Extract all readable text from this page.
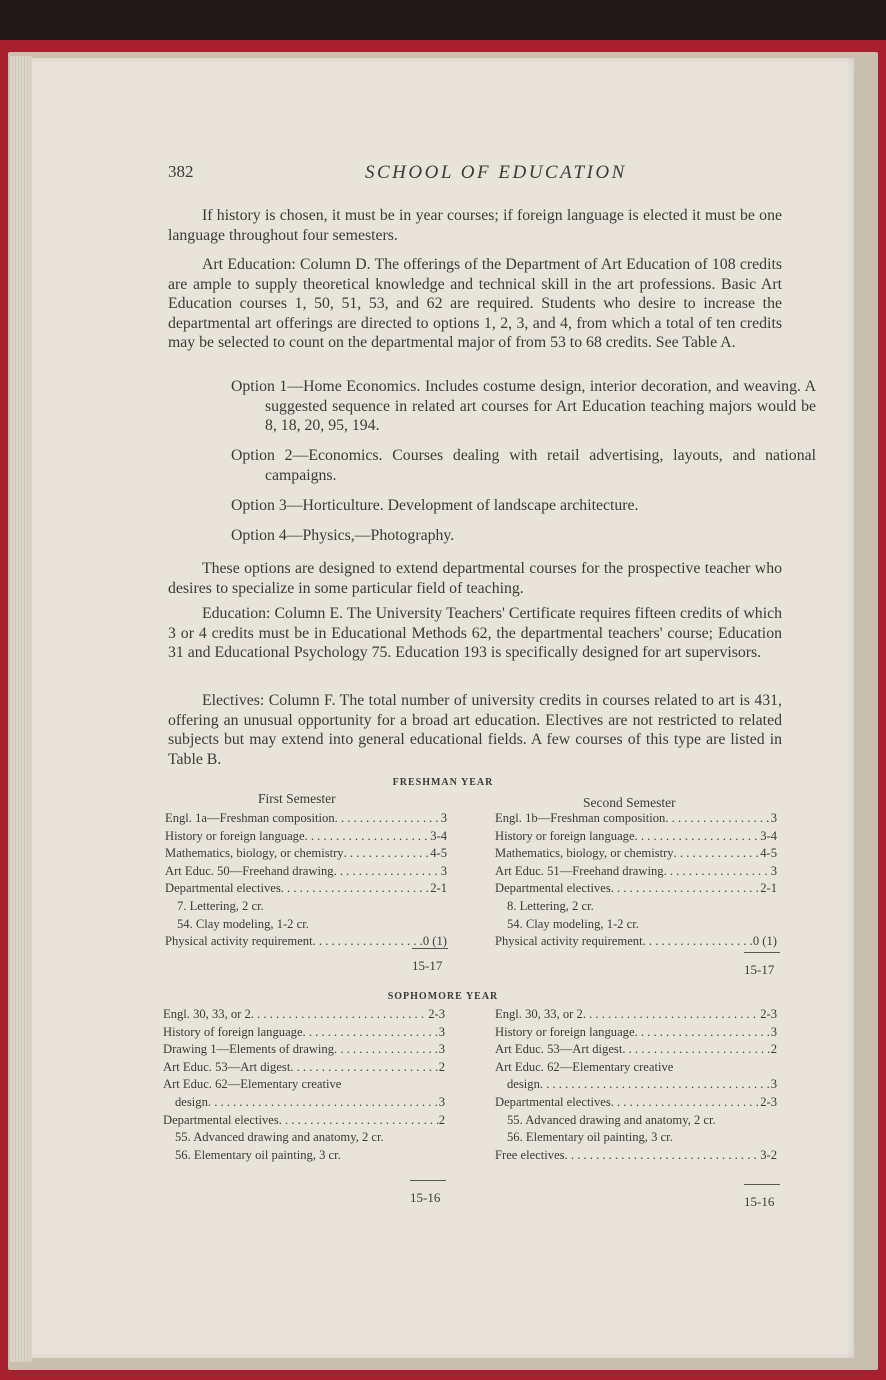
382	SCHOOL OF EDUCATION
If history is chosen, it must be in year courses; if foreign language is elected it must be one language throughout four semesters.
Art Education: Column D. The offerings of the Department of Art Education of 108 credits are ample to supply theoretical knowledge and technical skill in the art professions. Basic Art Education courses 1, 50, 51, 53, and 62 are required. Students who desire to increase the departmental art offerings are directed to options 1, 2, 3, and 4, from which a total of ten credits may be selected to count on the departmental major of from 53 to 68 credits. See Table A.
Option 1—Home Economics. Includes costume design, interior decoration, and weaving. A suggested sequence in related art courses for Art Education teaching majors would be 8, 18, 20, 95, 194.
Option 2—Economics. Courses dealing with retail advertising, layouts, and national campaigns.
Option 3—Horticulture. Development of landscape architecture.
Option 4—Physics,—Photography.
These options are designed to extend departmental courses for the prospective teacher who desires to specialize in some particular field of teaching.
Education: Column E. The University Teachers' Certificate requires fifteen credits of which 3 or 4 credits must be in Educational Methods 62, the departmental teachers' course; Education 31 and Educational Psychology 75. Education 193 is specifically designed for art supervisors.
Electives: Column F. The total number of university credits in courses related to art is 431, offering an unusual opportunity for a broad art education. Electives are not restricted to related subjects but may extend into general educational fields. A few courses of this type are listed in Table B.
FRESHMAN YEAR
First Semester	Second Semester
Engl. 1a—Freshman composition . . .	3
History or foreign language . . .	3-4
Mathematics, biology, or chemistry . . .	4-5
Art Educ. 50—Freehand drawing . . .	3
Departmental electives . . .	2-1
7. Lettering, 2 cr.
54. Clay modeling, 1-2 cr.
Physical activity requirement . . .	0 (1)
15-17
Engl. 1b—Freshman composition . . .	3
History or foreign language . . .	3-4
Mathematics, biology, or chemistry . . .	4-5
Art Educ. 51—Freehand drawing . . .	3
Departmental electives . . .	2-1
8. Lettering, 2 cr.
54. Clay modeling, 1-2 cr.
Physical activity requirement . . .	0 (1)
15-17
SOPHOMORE YEAR
Engl. 30, 33, or 2 . . .	2-3
History of foreign language . . .	3
Drawing 1—Elements of drawing . . .	3
Art Educ. 53—Art digest . . .	2
Art Educ. 62—Elementary creative
design . . .	3
Departmental electives . . .	2
55. Advanced drawing and anatomy, 2 cr.
56. Elementary oil painting, 3 cr.
15-16
Engl. 30, 33, or 2 . . .	2-3
History or foreign language . . .	3
Art Educ. 53—Art digest . . .	2
Art Educ. 62—Elementary creative
design . . .	3
Departmental electives . . .	2-3
55. Advanced drawing and anatomy, 2 cr.
56. Elementary oil painting, 3 cr.
Free electives . . .	3-2
15-16
